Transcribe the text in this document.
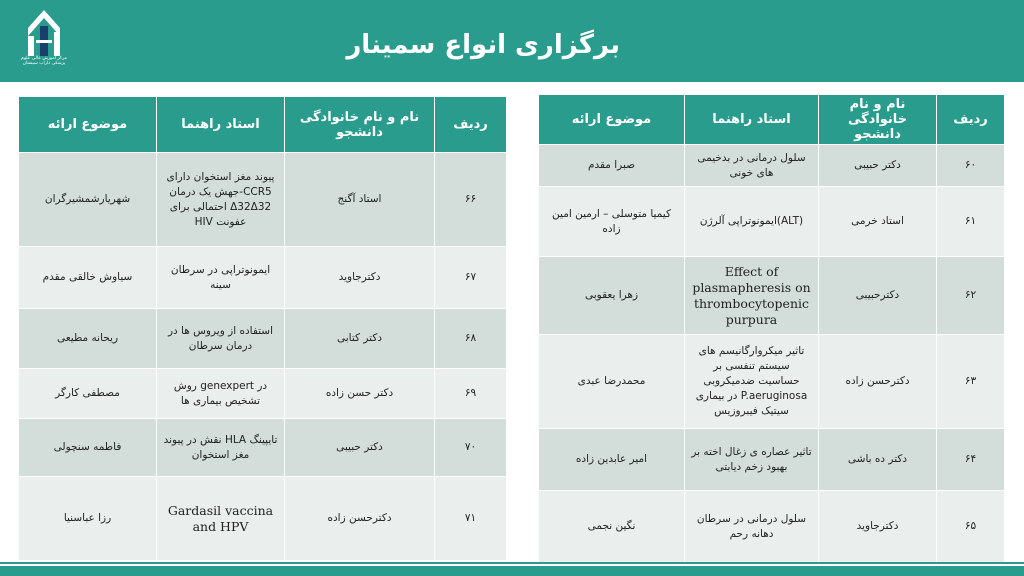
مرکز آموزش عالی علوم پزشکی داراب سیستان
برگزاری انواع سمینار
ردیف	نام و نام خانوادگی دانشجو	استاد راهنما	موضوع ارائه
۶۶	استاد آگنج	پیوند مغز استخوان دارای CCR5-جهش یک درمان Δ32Δ32 احتمالی برای عفونت HIV	شهریارشمشیرگران
۶۷	دکترجاوید	ایمونوتراپی در سرطان سینه	سیاوش خالقی مقدم
۶۸	دکتر کتابی	استفاده از ویروس ها در درمان سرطان	ریحانه مطیعی
۶۹	دکتر حسن زاده	در genexpert روش تشخیص بیماری ها	مصطفی کارگر
۷۰	دکتر حبیبی	تایپینگ HLA نقش در پیوند مغز استخوان	فاطمه سنچولی
۷۱	دکترحسن زاده	Gardasil vaccina and HPV	رزا عباسنیا
ردیف	نام و نام خانوادگی دانشجو	استاد راهنما	موضوع ارائه
۶۰	دکتر حبیبی	سلول درمانی در بدخیمی های خونی	صبرا مقدم
۶۱	استاد خرمی	(ALT)ایمونوتراپی آلرژن	کیمیا متوسلی – ارمین امین زاده
۶۲	دکترحبیبی	Effect of plasmapheresis on thrombocytopenic purpura	زهرا یعقوبی
۶۳	دکترحسن زاده	تاثیر میکروارگانیسم های سیستم تنفسی بر حساسیت ضدمیکروبی P.aeruginosa در بیماری سیتیک فیبروزیس	محمدرضا عبدی
۶۴	دکتر ده باشی	تاثیر عصاره ی زغال اخته بر بهبود زخم دیابتی	امیر عابدین زاده
۶۵	دکترجاوید	سلول درمانی در سرطان دهانه رحم	نگین نجمی
